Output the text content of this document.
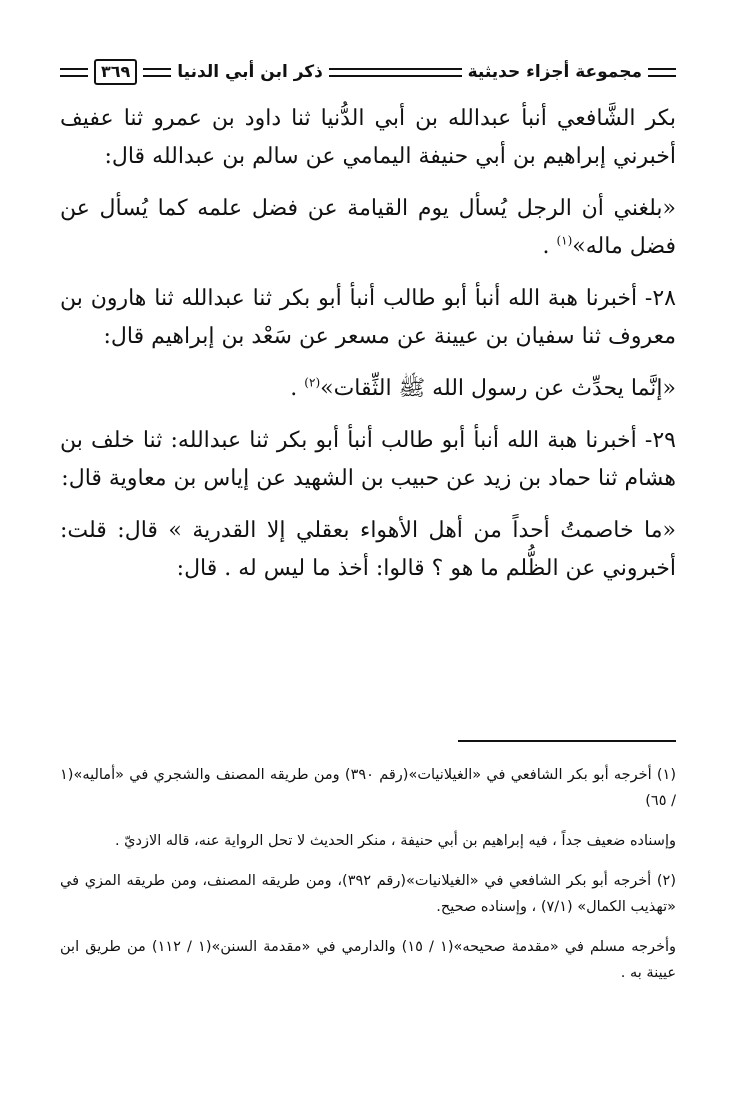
مجموعة أجزاء حديثية
ذكر ابن أبي الدنيا
٣٦٩

بكر الشَّافعي أنبأ عبدالله بن أبي الدُّنيا ثنا داود بن عمرو ثنا عفيف أخبرني إبراهيم بن أبي حنيفة اليمامي عن سالم بن عبدالله قال:

«بلغني أن الرجل يُسأل يوم القيامة عن فضل علمه كما يُسأل عن فضل ماله»$^{(١)}$ .

٢٨- أخبرنا هبة الله أنبأ أبو طالب أنبأ أبو بكر ثنا عبدالله ثنا هارون بن معروف ثنا سفيان بن عيينة عن مسعر عن سَعْد بن إبراهيم قال:

«إنَّما يحدِّث عن رسول الله ﷺ الثِّقات»$^{(٢)}$ .

٢٩- أخبرنا هبة الله أنبأ أبو طالب أنبأ أبو بكر ثنا عبدالله: ثنا خلف بن هشام ثنا حماد بن زيد عن حبيب بن الشهيد عن إياس بن معاوية قال:

«ما خاصمتُ أحداً من أهل الأهواء بعقلي إلا القدرية » قال: قلت: أخبروني عن الظُّلم ما هو ؟ قالوا: أخذ ما ليس له . قال:

(١) أخرجه أبو بكر الشافعي في «الغيلانيات»(رقم ٣٩٠) ومن طريقه المصنف والشجري في «أماليه»(١ / ٦٥)

وإسناده ضعيف جداً ، فيه إبراهيم بن أبي حنيفة ، منكر الحديث لا تحل الرواية عنه، قاله الازديّ .

(٢) أخرجه أبو بكر الشافعي في «الغيلانيات»(رقم ٣٩٢)، ومن طريقه المصنف، ومن طريقه المزي في «تهذيب الكمال» (٧/١) ، وإسناده صحيح.

وأخرجه مسلم في «مقدمة صحيحه»(١ / ١٥) والدارمي في «مقدمة السنن»(١ / ١١٢) من طريق ابن عيينة به .
